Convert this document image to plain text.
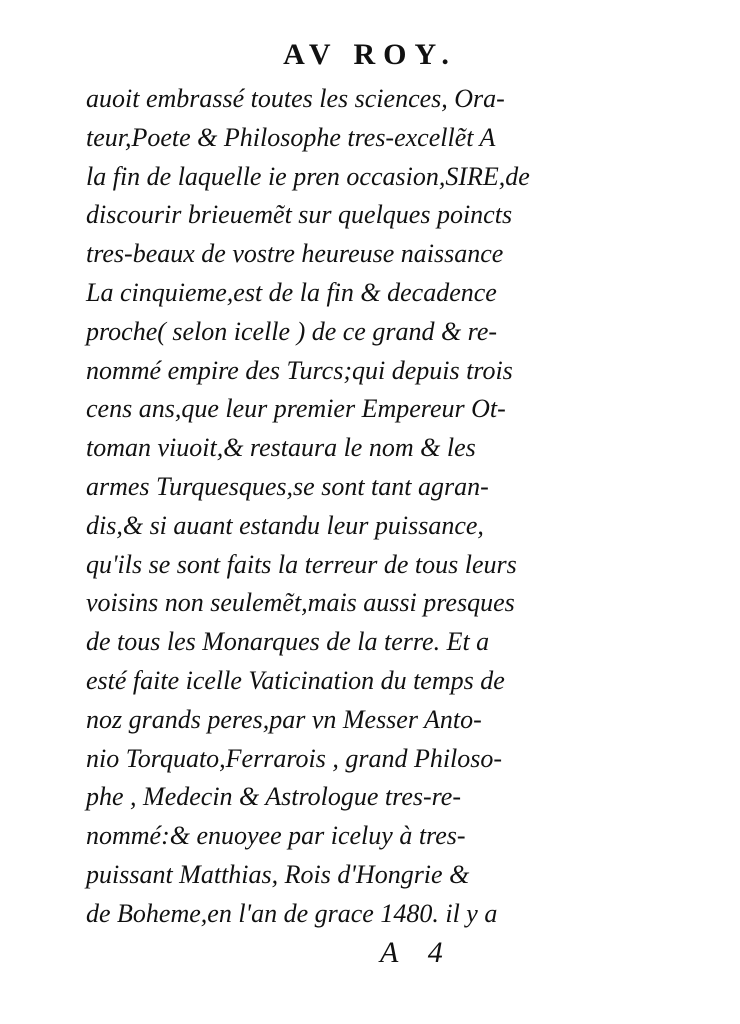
AV ROY.
auoit embrassé toutes les sciences, Ora-
teur,Poete & Philosophe tres-excellẽt A
la fin de laquelle ie pren occasion,SIRE,de
discourir brieuemẽt sur quelques poincts
tres-beaux de vostre heureuse naissance
La cinquieme,est de la fin & decadence
proche( selon icelle ) de ce grand & re-
nommé empire des Turcs;qui depuis trois
cens ans,que leur premier Empereur Ot-
toman viuoit,& restaura le nom & les
armes Turquesques,se sont tant agran-
dis,& si auant estandu leur puissance,
qu'ils se sont faits la terreur de tous leurs
voisins non seulemẽt,mais aussi presques
de tous les Monarques de la terre. Et a
esté faite icelle Vaticination du temps de
noz grands peres,par vn Messer Anto-
nio Torquato,Ferrarois , grand Philoso-
phe , Medecin & Astrologue tres-re-
nommé:& enuoyee par iceluy à tres-
puissant Matthias, Rois d'Hongrie &
de Boheme,en l'an de grace 1480. il y a
A    4
